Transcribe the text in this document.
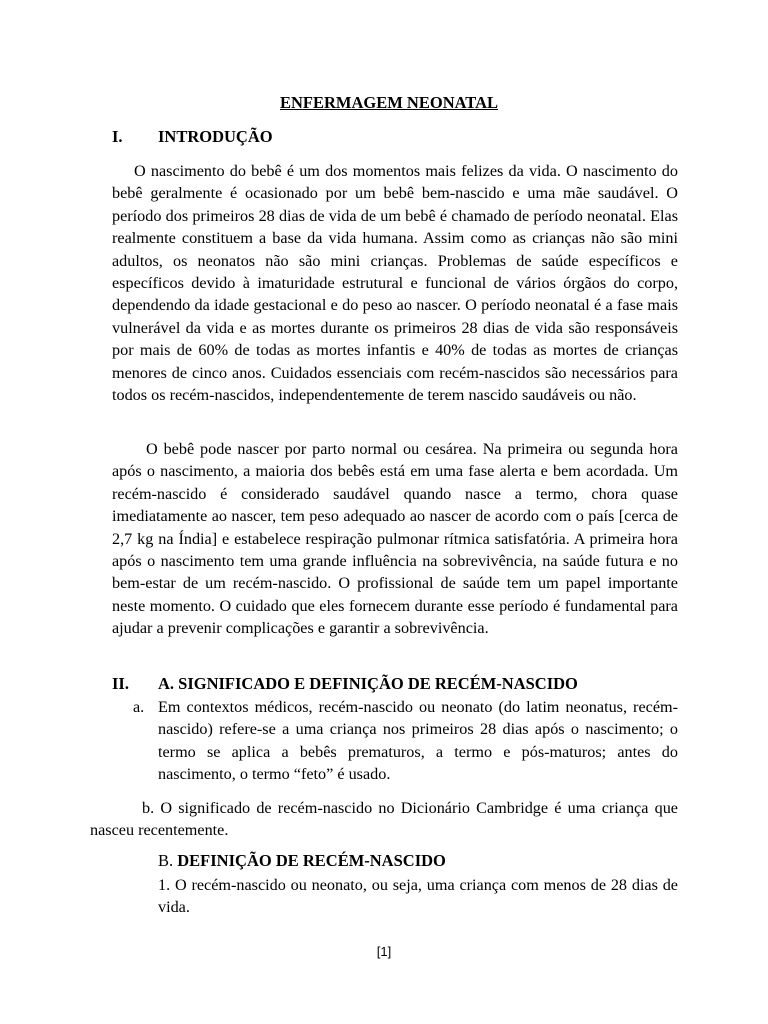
ENFERMAGEM NEONATAL
I. INTRODUÇÃO

O nascimento do bebê é um dos momentos mais felizes da vida. O nascimento do bebê geralmente é ocasionado por um bebê bem-nascido e uma mãe saudável. O período dos primeiros 28 dias de vida de um bebê é chamado de período neonatal. Elas realmente constituem a base da vida humana. Assim como as crianças não são mini adultos, os neonatos não são mini crianças. Problemas de saúde específicos e específicos devido à imaturidade estrutural e funcional de vários órgãos do corpo, dependendo da idade gestacional e do peso ao nascer. O período neonatal é a fase mais vulnerável da vida e as mortes durante os primeiros 28 dias de vida são responsáveis por mais de 60% de todas as mortes infantis e 40% de todas as mortes de crianças menores de cinco anos. Cuidados essenciais com recém-nascidos são necessários para todos os recém-nascidos, independentemente de terem nascido saudáveis ou não.

O bebê pode nascer por parto normal ou cesárea. Na primeira ou segunda hora após o nascimento, a maioria dos bebês está em uma fase alerta e bem acordada. Um recém-nascido é considerado saudável quando nasce a termo, chora quase imediatamente ao nascer, tem peso adequado ao nascer de acordo com o país [cerca de 2,7 kg na Índia] e estabelece respiração pulmonar rítmica satisfatória. A primeira hora após o nascimento tem uma grande influência na sobrevivência, na saúde futura e no bem-estar de um recém-nascido. O profissional de saúde tem um papel importante neste momento. O cuidado que eles fornecem durante esse período é fundamental para ajudar a prevenir complicações e garantir a sobrevivência.

II. A. SIGNIFICADO E DEFINIÇÃO DE RECÉM-NASCIDO

a. Em contextos médicos, recém-nascido ou neonato (do latim neonatus, recém-nascido) refere-se a uma criança nos primeiros 28 dias após o nascimento; o termo se aplica a bebês prematuros, a termo e pós-maturos; antes do nascimento, o termo “feto” é usado.

b. O significado de recém-nascido no Dicionário Cambridge é uma criança que nasceu recentemente.

B. DEFINIÇÃO DE RECÉM-NASCIDO

1. O recém-nascido ou neonato, ou seja, uma criança com menos de 28 dias de vida.

[1]
